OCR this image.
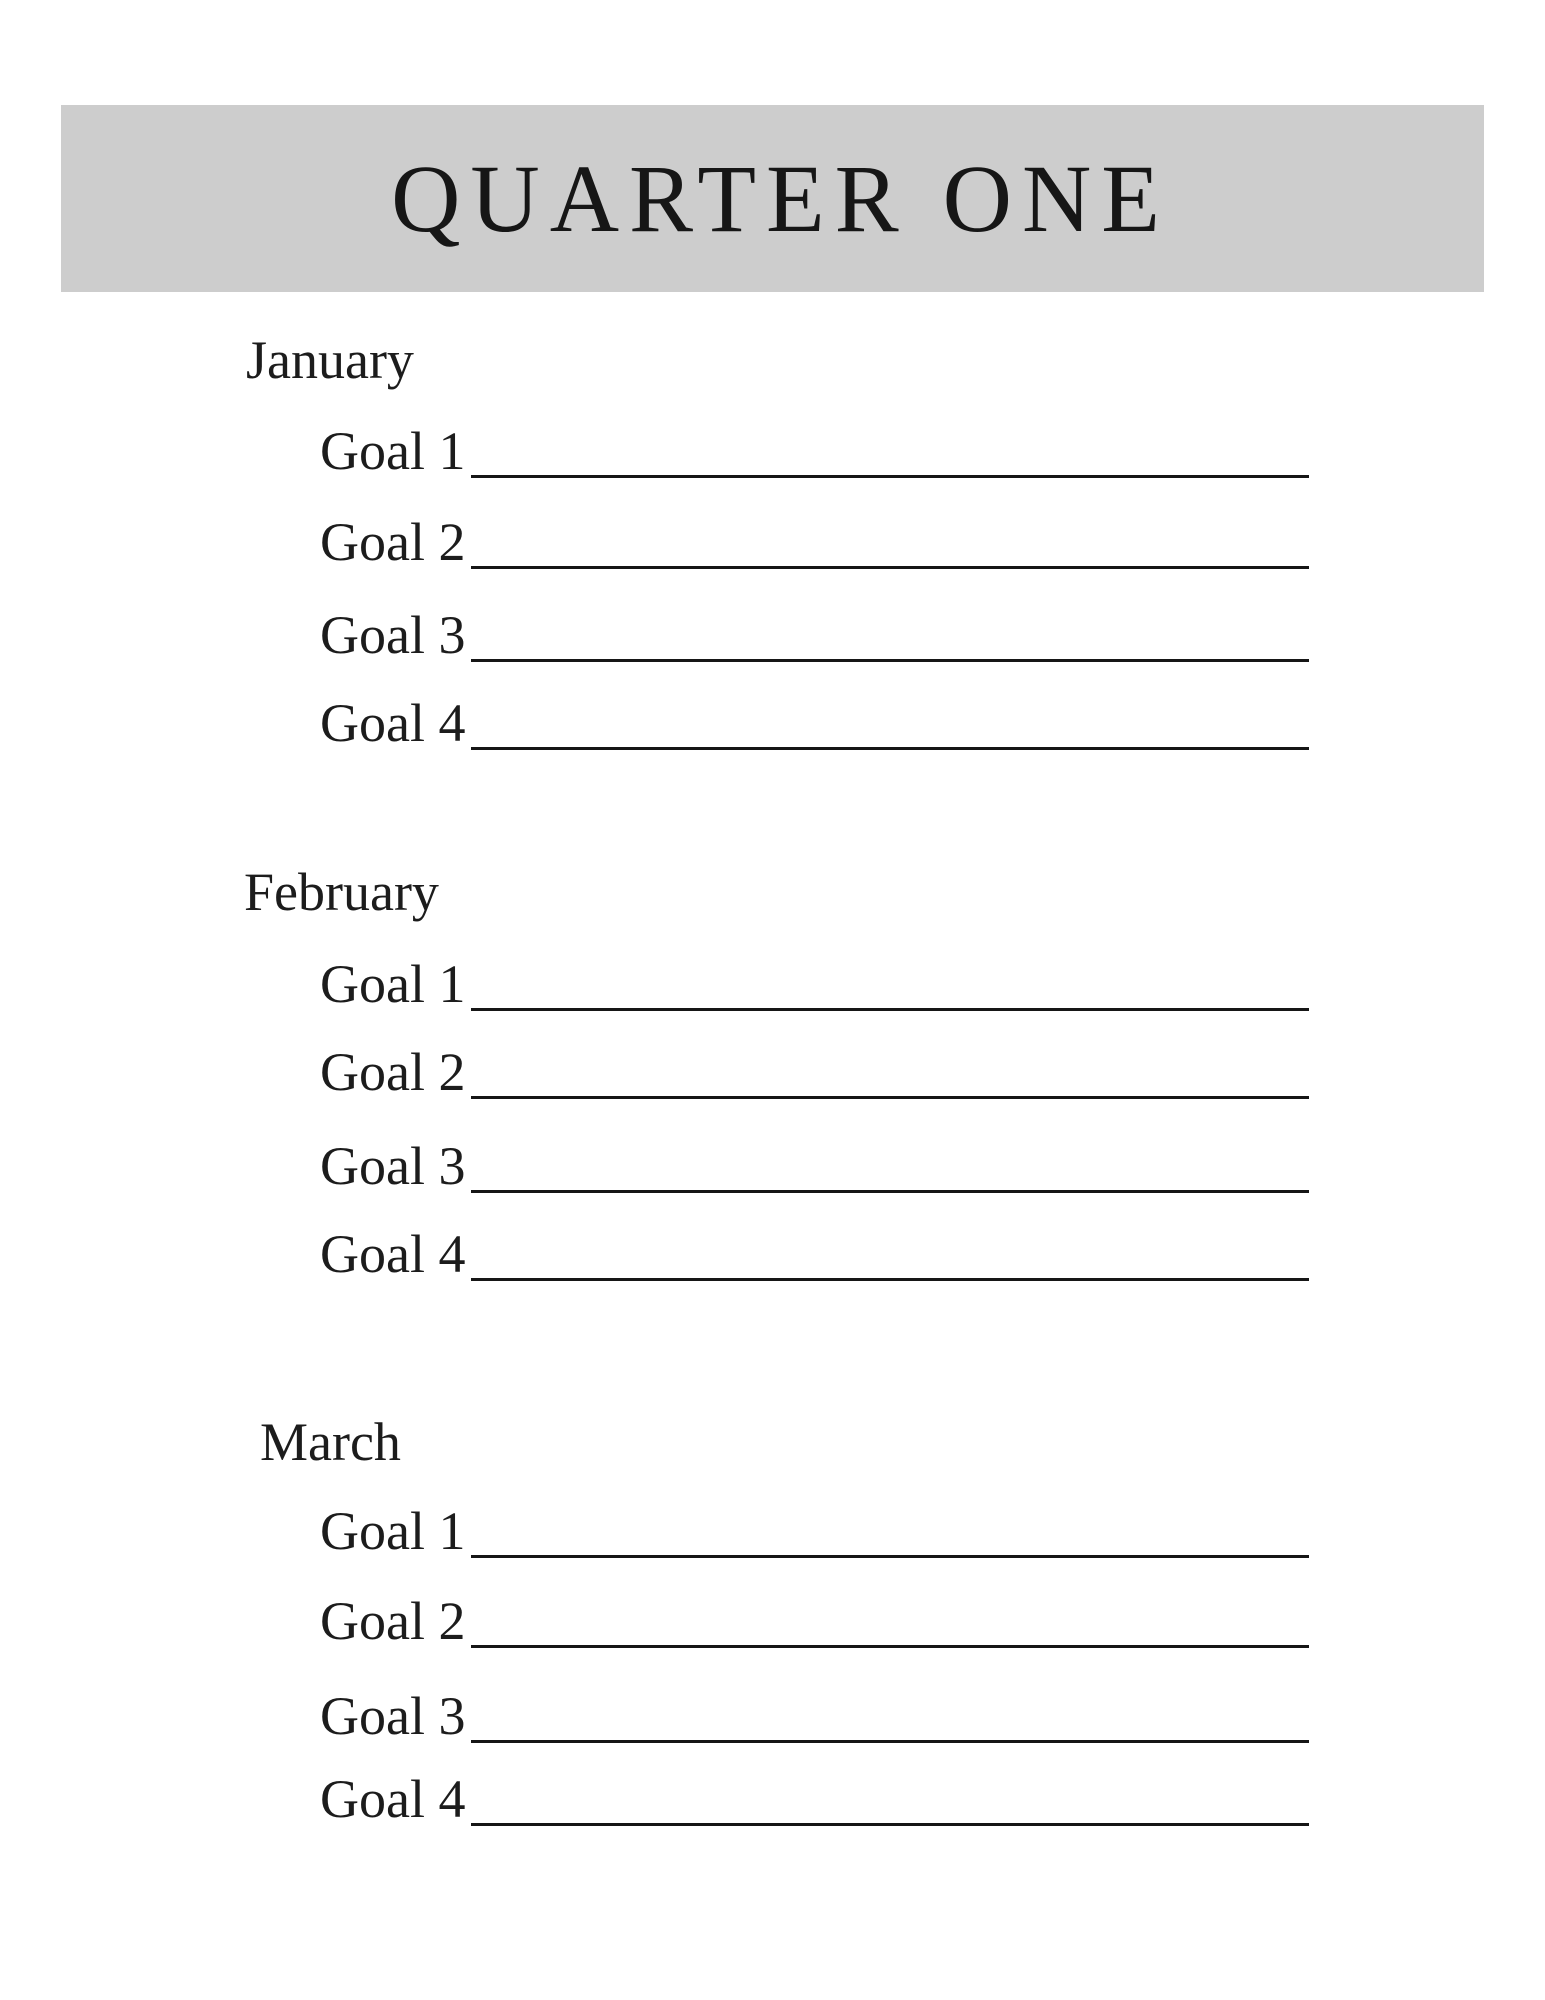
QUARTER ONE
January
Goal 1
Goal 2
Goal 3
Goal 4
February
Goal 1
Goal 2
Goal 3
Goal 4
March
Goal 1
Goal 2
Goal 3
Goal 4
